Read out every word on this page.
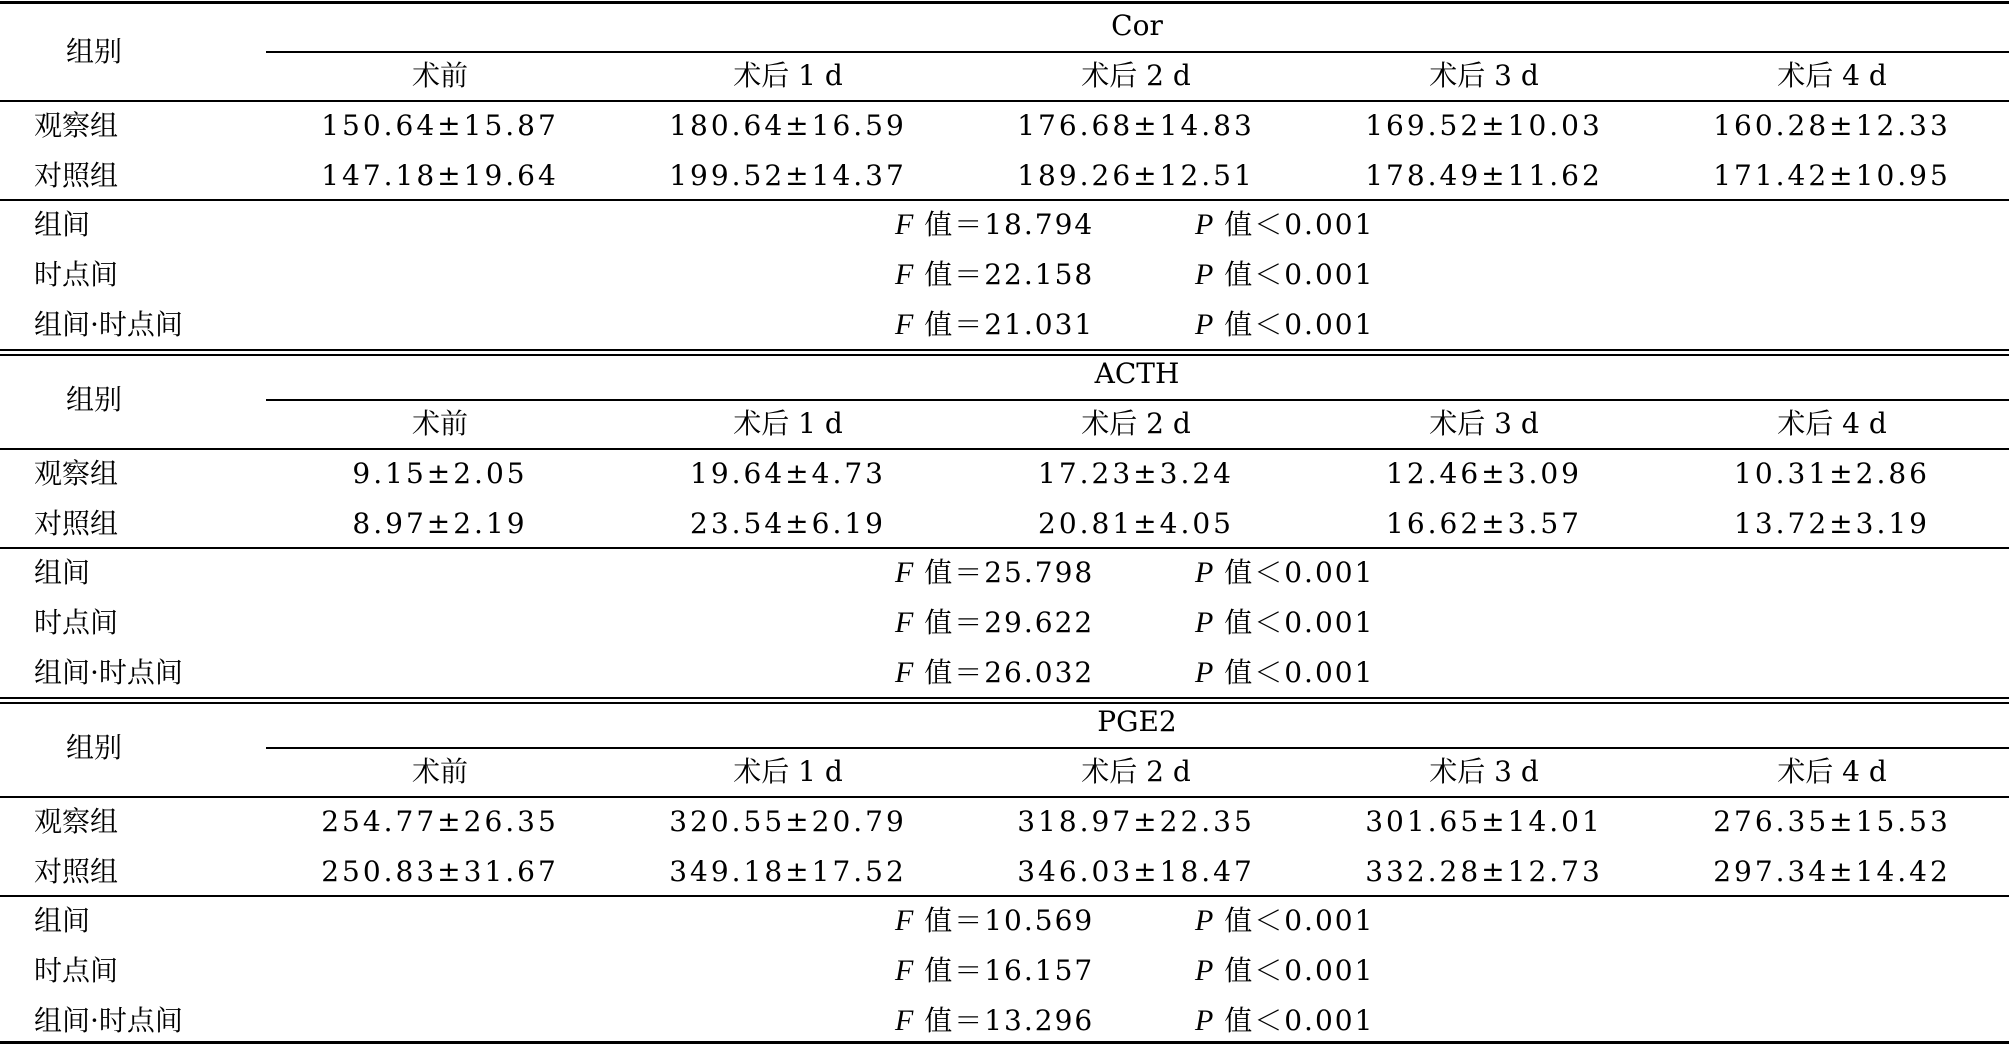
组别
Cor
术前	术后 1 d	术后 2 d	术后 3 d	术后 4 d
观察组	150.64±15.87	180.64±16.59	176.68±14.83	169.52±10.03	160.28±12.33
对照组	147.18±19.64	199.52±14.37	189.26±12.51	178.49±11.62	171.42±10.95
组间	F 值＝18.794	P 值＜0.001
时点间	F 值＝22.158	P 值＜0.001
组间·时点间	F 值＝21.031	P 值＜0.001
组别
ACTH
术前	术后 1 d	术后 2 d	术后 3 d	术后 4 d
观察组	9.15±2.05	19.64±4.73	17.23±3.24	12.46±3.09	10.31±2.86
对照组	8.97±2.19	23.54±6.19	20.81±4.05	16.62±3.57	13.72±3.19
组间	F 值＝25.798	P 值＜0.001
时点间	F 值＝29.622	P 值＜0.001
组间·时点间	F 值＝26.032	P 值＜0.001
组别
PGE2
术前	术后 1 d	术后 2 d	术后 3 d	术后 4 d
观察组	254.77±26.35	320.55±20.79	318.97±22.35	301.65±14.01	276.35±15.53
对照组	250.83±31.67	349.18±17.52	346.03±18.47	332.28±12.73	297.34±14.42
组间	F 值＝10.569	P 值＜0.001
时点间	F 值＝16.157	P 值＜0.001
组间·时点间	F 值＝13.296	P 值＜0.001
